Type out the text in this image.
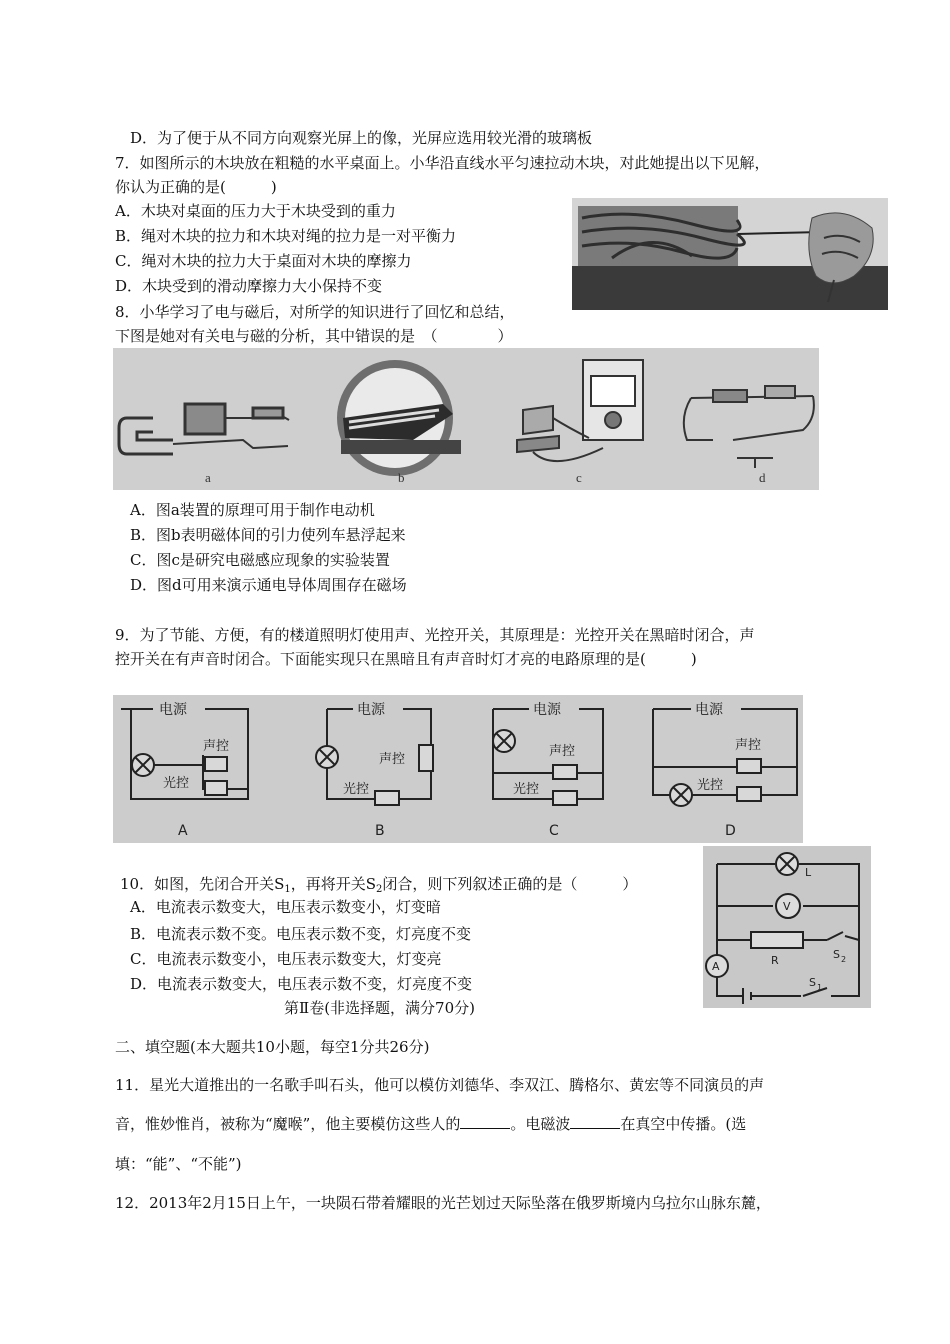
D．为了便于从不同方向观察光屏上的像，光屏应选用较光滑的玻璃板
7．如图所示的木块放在粗糙的水平桌面上。小华沿直线水平匀速拉动木块，对此她提出以下见解，
你认为正确的是(　　　)
A．木块对桌面的压力大于木块受到的重力
B．绳对木块的拉力和木块对绳的拉力是一对平衡力
C．绳对木块的拉力大于桌面对木块的摩擦力
D．木块受到的滑动摩擦力大小保持不变
8．小华学习了电与磁后，对所学的知识进行了回忆和总结，
下图是她对有关电与磁的分析，其中错误的是　（　　　　）
a	b	c	d
A．图a装置的原理可用于制作电动机
B．图b表明磁体间的引力使列车悬浮起来
C．图c是研究电磁感应现象的实验装置
D．图d可用来演示通电导体周围存在磁场
9．为了节能、方便，有的楼道照明灯使用声、光控开关，其原理是：光控开关在黑暗时闭合，声
控开关在有声音时闭合。下面能实现只在黑暗且有声音时灯才亮的电路原理的是(　　　)
电源
声控
光控
A
电源
声控
光控
B
电源
声控
光控
C
电源
声控
光控
D
10．如图，先闭合开关$S_1$，再将开关$S_2$闭合，则下列叙述正确的是（　　　）
A．电流表示数变大，电压表示数变小，灯变暗
B．电流表示数不变。电压表示数不变，灯亮度不变
C．电流表示数变小，电压表示数变大，灯变亮
D．电流表示数变大，电压表示数不变，灯亮度不变
L
V
R	S 2
A
S 1
第Ⅱ卷(非选择题，满分70分)
二、填空题(本大题共10小题，每空1分共26分)
11．星光大道推出的一名歌手叫石头，他可以模仿刘德华、李双江、腾格尔、黄宏等不同演员的声
音，惟妙惟肖，被称为“魔喉”，他主要模仿这些人的	。电磁波	在真空中传播。(选
填：“能”、“不能”)
12．2013年2月15日上午，一块陨石带着耀眼的光芒划过天际坠落在俄罗斯境内乌拉尔山脉东麓，
